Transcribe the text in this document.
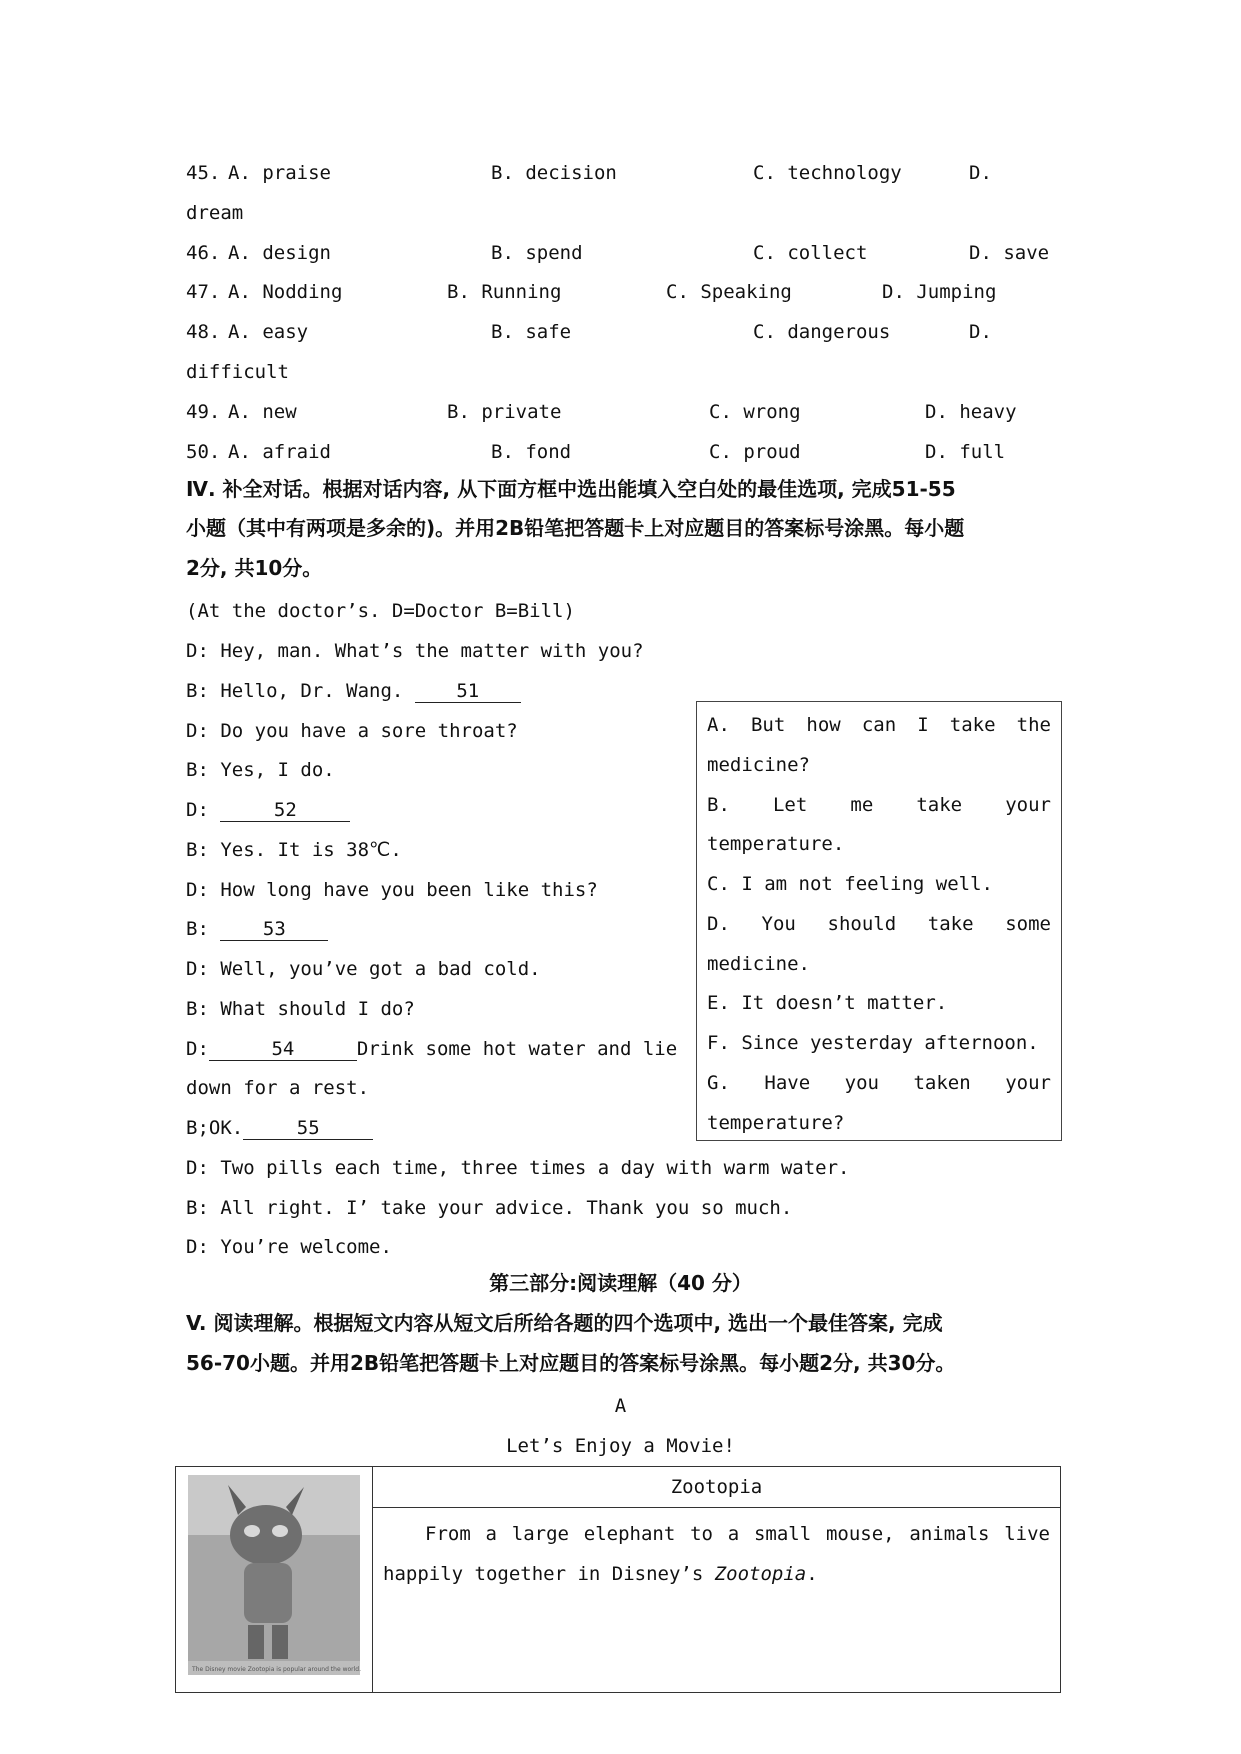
45. A. praise	B. decision	C. technology	D.
dream
46. A. design	B. spend	C. collect	D. save
47. A. Nodding	B. Running	C. Speaking	D. Jumping
48. A. easy	B. safe	C. dangerous	D.
difficult
49. A. new	B. private	C. wrong	D. heavy
50. A. afraid	B. fond	C. proud	D. full
Ⅳ. 补全对话。根据对话内容, 从下面方框中选出能填入空白处的最佳选项, 完成51-55
小题（其中有两项是多余的)。并用2B铅笔把答题卡上对应题目的答案标号涂黑。每小题
2分, 共10分。
(At the doctor’s. D=Doctor B=Bill)
D: Hey, man. What’s the matter with you?
B: Hello, Dr. Wang. 51
D: Do you have a sore throat?
B: Yes, I do.
D:	52
B: Yes. It is 38℃.
D: How long have you been like this?
B: 53
D: Well, you’ve got a bad cold.
B: What should I do?
D:	54	Drink some hot water and lie
down for a rest.
B;OK.	55
D: Two pills each time, three times a day with warm water.
B: All right. I’ take your advice. Thank you so much.
D: You’re welcome.
A. But how can I take the
medicine?
B. Let me take your
temperature.
C. I am not feeling well.
D. You should take some
medicine.
E. It doesn’t matter.
F. Since yesterday afternoon.
G. Have you taken your
temperature?
第三部分:阅读理解（40 分）
V. 阅读理解。根据短文内容从短文后所给各题的四个选项中, 选出一个最佳答案, 完成
56-70小题。并用2B铅笔把答题卡上对应题目的答案标号涂黑。每小题2分, 共30分。
A
Let’s Enjoy a Movie!
The Disney movie Zootopia is popular around the world.

Zootopia
From a large elephant to a small mouse, animals live
happily together in Disney’s Zootopia.
